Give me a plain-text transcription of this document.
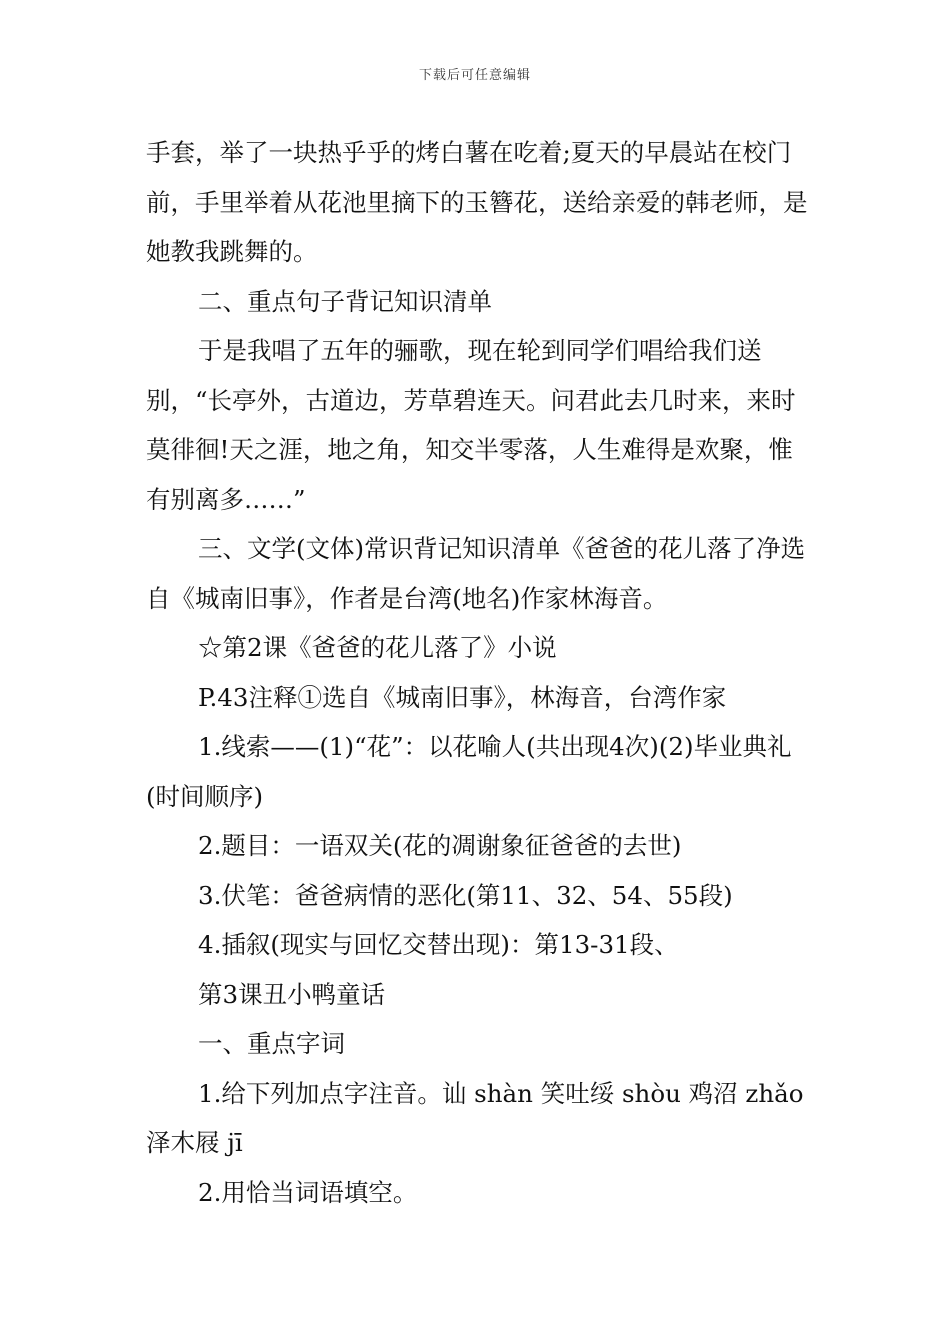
下载后可任意编辑

手套，举了一块热乎乎的烤白薯在吃着;夏天的早晨站在校门前，手里举着从花池里摘下的玉簪花，送给亲爱的韩老师，是她教我跳舞的。

二、重点句子背记知识清单

于是我唱了五年的骊歌，现在轮到同学们唱给我们送别，“长亭外，古道边，芳草碧连天。问君此去几时来，来时莫徘徊!天之涯，地之角，知交半零落，人生难得是欢聚，惟有别离多……”

三、文学(文体)常识背记知识清单《爸爸的花儿落了净选自《城南旧事》，作者是台湾(地名)作家林海音。

☆第2课《爸爸的花儿落了》小说

P.43注释①选自《城南旧事》，林海音，台湾作家

1.线索——(1)“花”：以花喻人(共出现4次)(2)毕业典礼(时间顺序)

2.题目：一语双关(花的凋谢象征爸爸的去世)

3.伏笔：爸爸病情的恶化(第11、32、54、55段)

4.插叙(现实与回忆交替出现)：第13-31段、

第3课丑小鸭童话

一、重点字词

1.给下列加点字注音。讪 shàn 笑吐绥 shòu 鸡沼 zhǎo 泽木屐 jī

2.用恰当词语填空。
